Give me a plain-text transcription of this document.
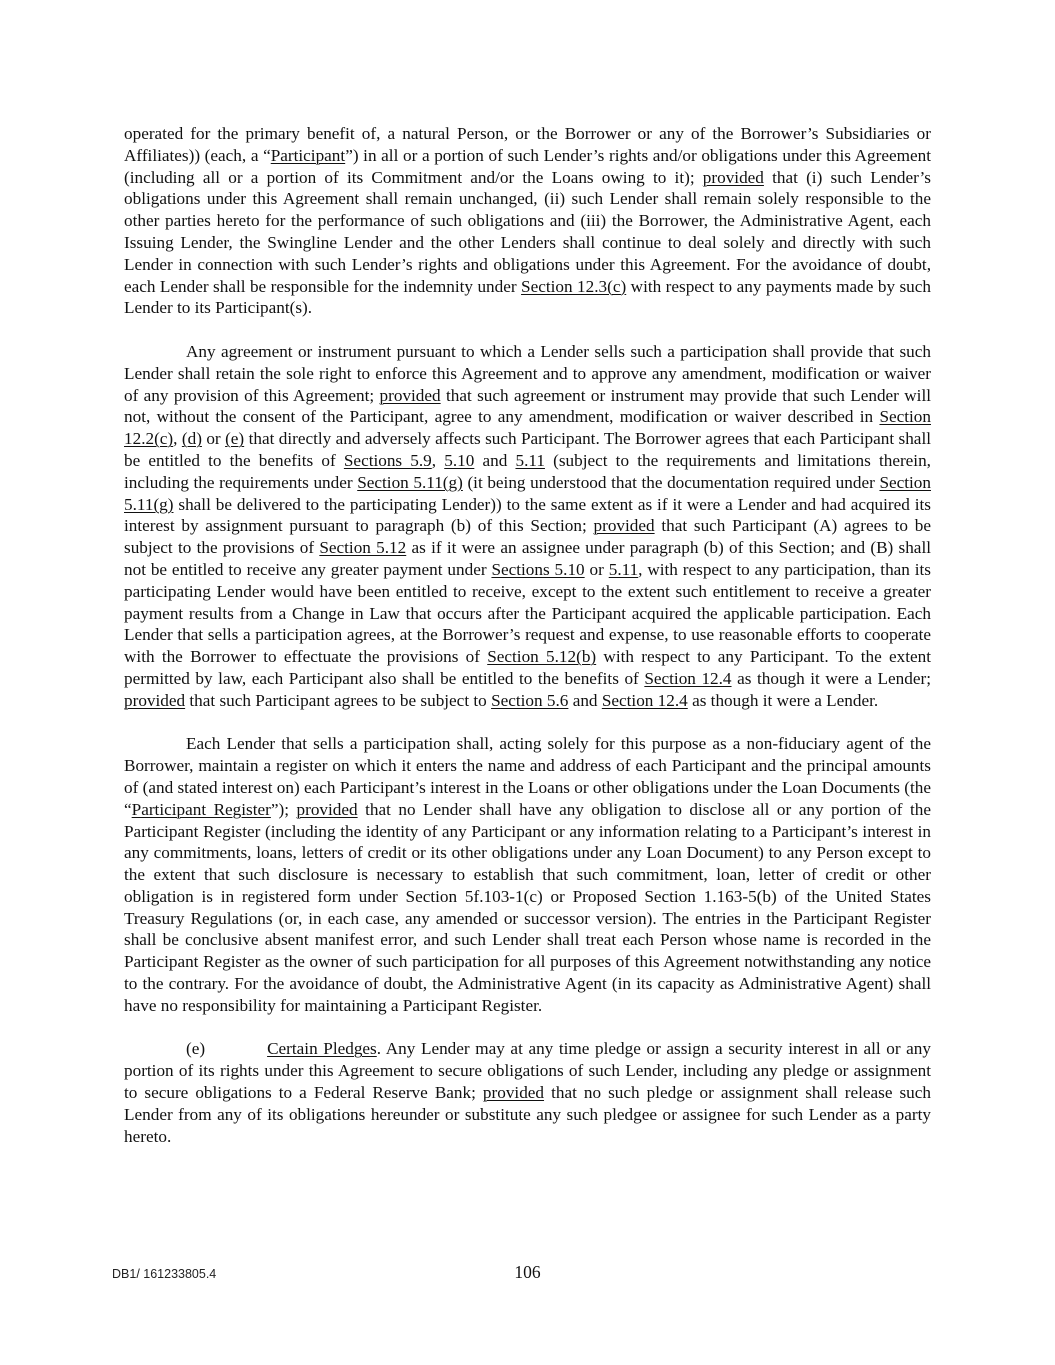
operated for the primary benefit of, a natural Person, or the Borrower or any of the Borrower’s Subsidiaries or Affiliates)) (each, a “Participant”) in all or a portion of such Lender’s rights and/or obligations under this Agreement (including all or a portion of its Commitment and/or the Loans owing to it); provided that (i) such Lender’s obligations under this Agreement shall remain unchanged, (ii) such Lender shall remain solely responsible to the other parties hereto for the performance of such obligations and (iii) the Borrower, the Administrative Agent, each Issuing Lender, the Swingline Lender and the other Lenders shall continue to deal solely and directly with such Lender in connection with such Lender’s rights and obligations under this Agreement. For the avoidance of doubt, each Lender shall be responsible for the indemnity under Section 12.3(c) with respect to any payments made by such Lender to its Participant(s).

Any agreement or instrument pursuant to which a Lender sells such a participation shall provide that such Lender shall retain the sole right to enforce this Agreement and to approve any amendment, modification or waiver of any provision of this Agreement; provided that such agreement or instrument may provide that such Lender will not, without the consent of the Participant, agree to any amendment, modification or waiver described in Section 12.2(c), (d) or (e) that directly and adversely affects such Participant. The Borrower agrees that each Participant shall be entitled to the benefits of Sections 5.9, 5.10 and 5.11 (subject to the requirements and limitations therein, including the requirements under Section 5.11(g) (it being understood that the documentation required under Section 5.11(g) shall be delivered to the participating Lender)) to the same extent as if it were a Lender and had acquired its interest by assignment pursuant to paragraph (b) of this Section; provided that such Participant (A) agrees to be subject to the provisions of Section 5.12 as if it were an assignee under paragraph (b) of this Section; and (B) shall not be entitled to receive any greater payment under Sections 5.10 or 5.11, with respect to any participation, than its participating Lender would have been entitled to receive, except to the extent such entitlement to receive a greater payment results from a Change in Law that occurs after the Participant acquired the applicable participation. Each Lender that sells a participation agrees, at the Borrower’s request and expense, to use reasonable efforts to cooperate with the Borrower to effectuate the provisions of Section 5.12(b) with respect to any Participant. To the extent permitted by law, each Participant also shall be entitled to the benefits of Section 12.4 as though it were a Lender; provided that such Participant agrees to be subject to Section 5.6 and Section 12.4 as though it were a Lender.

Each Lender that sells a participation shall, acting solely for this purpose as a non-fiduciary agent of the Borrower, maintain a register on which it enters the name and address of each Participant and the principal amounts of (and stated interest on) each Participant’s interest in the Loans or other obligations under the Loan Documents (the “Participant Register”); provided that no Lender shall have any obligation to disclose all or any portion of the Participant Register (including the identity of any Participant or any information relating to a Participant’s interest in any commitments, loans, letters of credit or its other obligations under any Loan Document) to any Person except to the extent that such disclosure is necessary to establish that such commitment, loan, letter of credit or other obligation is in registered form under Section 5f.103-1(c) or Proposed Section 1.163-5(b) of the United States Treasury Regulations (or, in each case, any amended or successor version). The entries in the Participant Register shall be conclusive absent manifest error, and such Lender shall treat each Person whose name is recorded in the Participant Register as the owner of such participation for all purposes of this Agreement notwithstanding any notice to the contrary. For the avoidance of doubt, the Administrative Agent (in its capacity as Administrative Agent) shall have no responsibility for maintaining a Participant Register.

(e)	Certain Pledges. Any Lender may at any time pledge or assign a security interest in all or any portion of its rights under this Agreement to secure obligations of such Lender, including any pledge or assignment to secure obligations to a Federal Reserve Bank; provided that no such pledge or assignment shall release such Lender from any of its obligations hereunder or substitute any such pledgee or assignee for such Lender as a party hereto.

DB1/ 161233805.4	106
